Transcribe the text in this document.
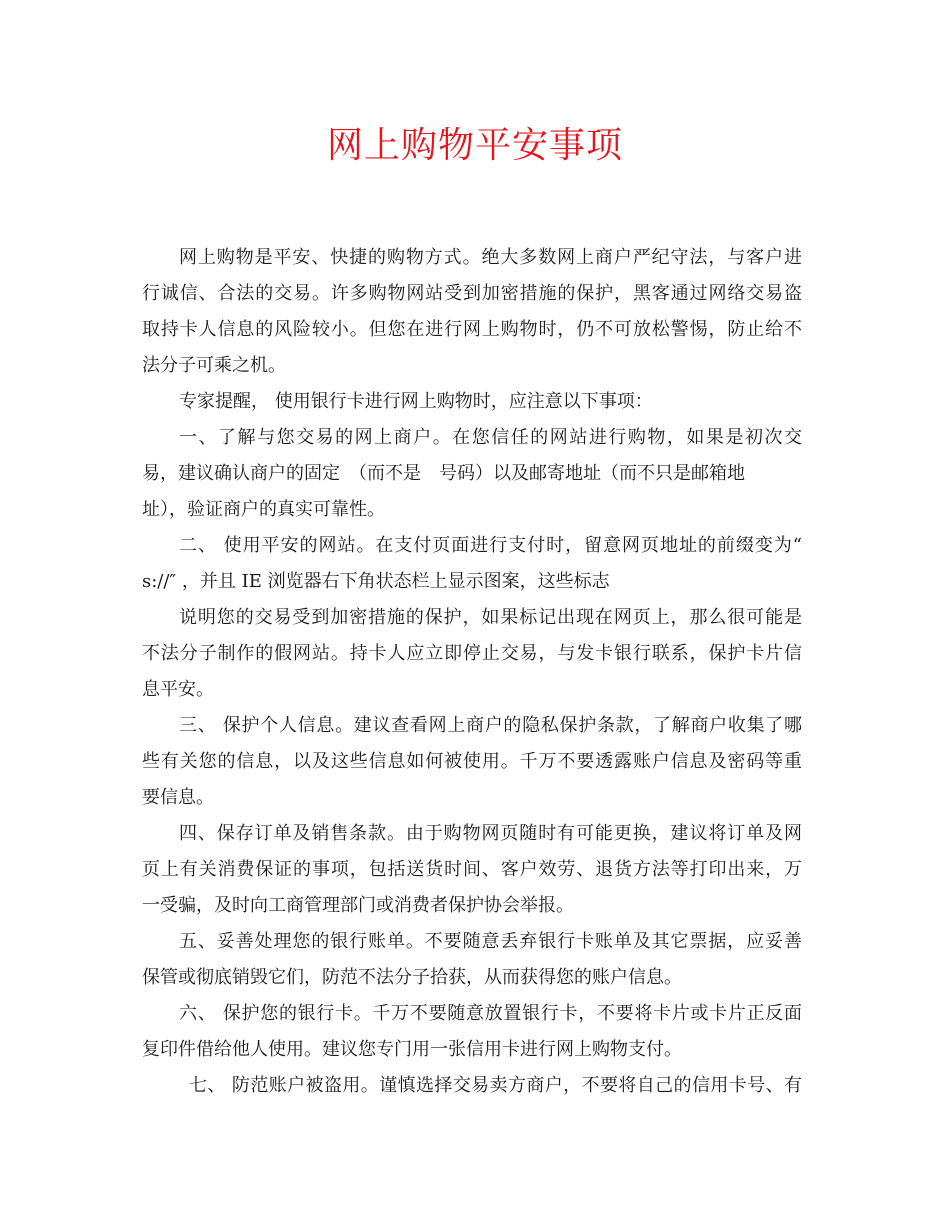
网上购物平安事项
网上购物是平安、快捷的购物方式。绝大多数网上商户严纪守法，与客户进
行诚信、合法的交易。许多购物网站受到加密措施的保护，黑客通过网络交易盗
取持卡人信息的风险较小。但您在进行网上购物时，仍不可放松警惕，防止给不
法分子可乘之机。
专家提醒， 使用银行卡进行网上购物时，应注意以下事项：
一、了解与您交易的网上商户。在您信任的网站进行购物，如果是初次交
易，建议确认商户的固定　（而不是　号码）以及邮寄地址（而不只是邮箱地
址），验证商户的真实可靠性。
二、 使用平安的网站。在支付页面进行支付时，留意网页地址的前缀变为“
s://″ ，并且 IE 浏览器右下角状态栏上显示图案，这些标志
说明您的交易受到加密措施的保护，如果标记出现在网页上，那么很可能是
不法分子制作的假网站。持卡人应立即停止交易，与发卡银行联系，保护卡片信
息平安。
三、 保护个人信息。建议查看网上商户的隐私保护条款，了解商户收集了哪
些有关您的信息，以及这些信息如何被使用。千万不要透露账户信息及密码等重
要信息。
四、保存订单及销售条款。由于购物网页随时有可能更换，建议将订单及网
页上有关消费保证的事项，包括送货时间、客户效劳、退货方法等打印出来，万
一受骗，及时向工商管理部门或消费者保护协会举报。
五、妥善处理您的银行账单。不要随意丢弃银行卡账单及其它票据，应妥善
保管或彻底销毁它们，防范不法分子拾获，从而获得您的账户信息。
六、 保护您的银行卡。千万不要随意放置银行卡，不要将卡片或卡片正反面
复印件借给他人使用。建议您专门用一张信用卡进行网上购物支付。
七、 防范账户被盗用。谨慎选择交易卖方商户，不要将自己的信用卡号、有
